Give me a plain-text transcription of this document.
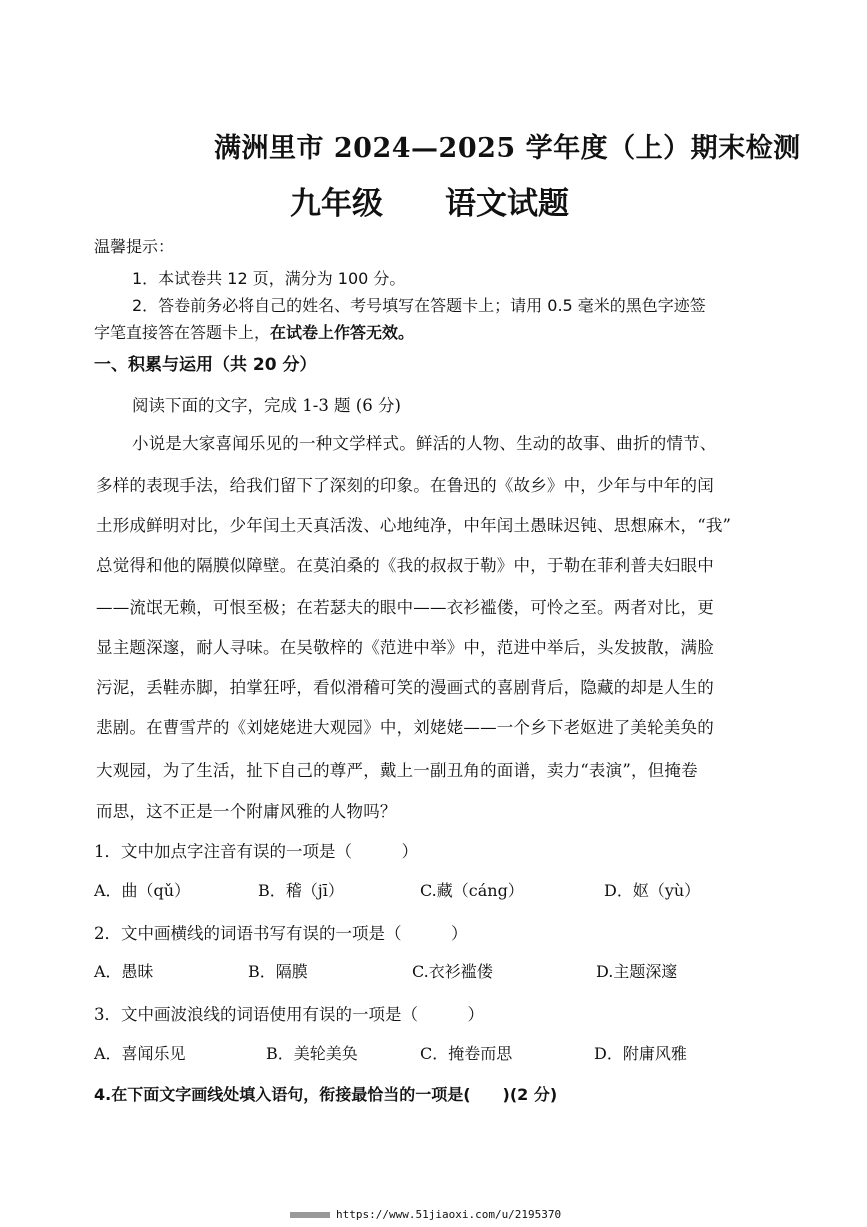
满洲里市 2024—2025 学年度（上）期末检测
九年级 语文试题
温馨提示：
1．本试卷共 12 页，满分为 100 分。
2．答卷前务必将自己的姓名、考号填写在答题卡上；请用 0.5 毫米的黑色字迹签
字笔直接答在答题卡上，在试卷上作答无效。
一、积累与运用（共 20 分）
阅读下面的文字，完成 1-3 题 (6 分)
小说是大家喜闻乐见的一种文学样式。鲜活的人物、生动的故事、曲折的情节、
多样的表现手法，给我们留下了深刻的印象。在鲁迅的《故乡》中，少年与中年的闰
土形成鲜明对比，少年闰土天真活泼、心地纯净，中年闰土愚昧迟钝、思想麻木，“我”
总觉得和他的隔膜似障壁。在莫泊桑的《我的叔叔于勒》中，于勒在菲利普夫妇眼中
——流氓无赖，可恨至极；在若瑟夫的眼中——衣衫褴偻，可怜之至。两者对比，更
显主题深邃，耐人寻味。在吴敬梓的《范进中举》中，范进中举后，头发披散，满脸
污泥，丢鞋赤脚，拍掌狂呼，看似滑稽可笑的漫画式的喜剧背后，隐藏的却是人生的
悲剧。在曹雪芹的《刘姥姥进大观园》中，刘姥姥——一个乡下老妪进了美轮美奂的
大观园，为了生活，扯下自己的尊严，戴上一副丑角的面谱，卖力“表演”，但掩卷
而思，这不正是一个附庸风雅的人物吗？
1．文中加点字注音有误的一项是（　　　）
A．曲（qǔ）	B．稽（jī）	C.藏（cáng）	D．妪（yù）
2．文中画横线的词语书写有误的一项是（　　　）
A．愚昧	B．隔膜	C.衣衫褴偻	D.主题深邃
3．文中画波浪线的词语使用有误的一项是（　　　）
A．喜闻乐见	B．美轮美奂	C．掩卷而思	D．附庸风雅
4.在下面文字画线处填入语句，衔接最恰当的一项是(　　)(2 分)
https://www.51jiaoxi.com/u/2195370
